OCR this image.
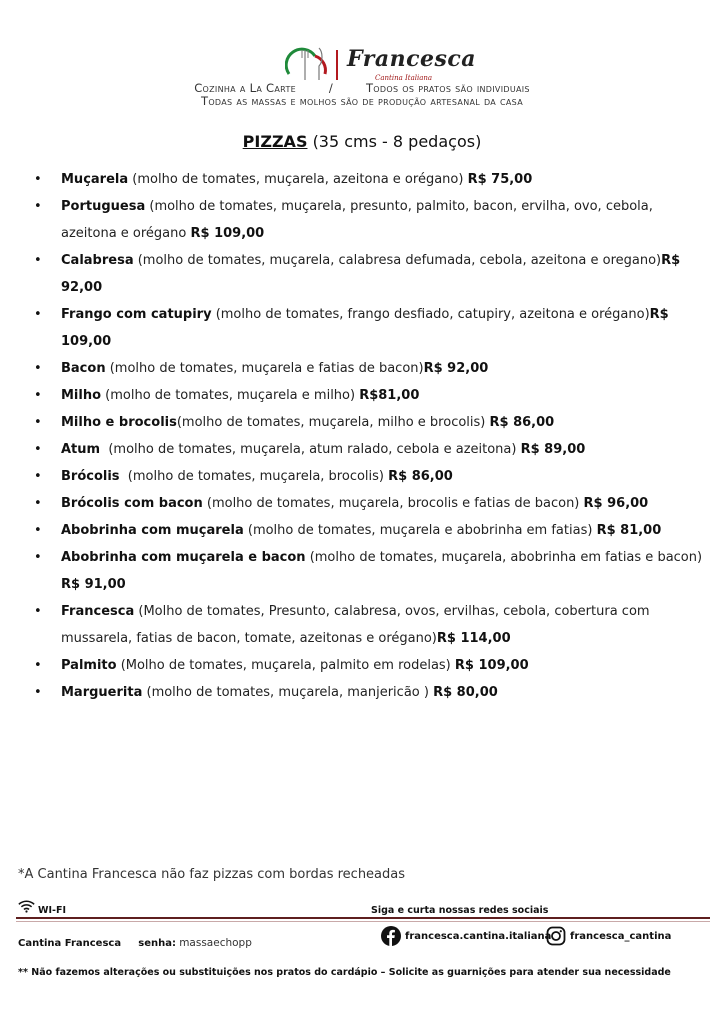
Francesca
Cantina Italiana
Cozinha a La Carte	/	Todos os pratos são individuais
Todas as massas e molhos são de produção artesanal da casa
PIZZAS (35 cms - 8 pedaços)
• Muçarela (molho de tomates, muçarela, azeitona e orégano) R$ 75,00
• Portuguesa (molho de tomates, muçarela, presunto, palmito, bacon, ervilha, ovo, cebola, azeitona e orégano R$ 109,00
• Calabresa (molho de tomates, muçarela, calabresa defumada, cebola, azeitona e oregano)R$ 92,00
• Frango com catupiry (molho de tomates, frango desfiado, catupiry, azeitona e orégano)R$ 109,00
• Bacon (molho de tomates, muçarela e fatias de bacon)R$ 92,00
• Milho (molho de tomates, muçarela e milho) R$81,00
• Milho e brocolis(molho de tomates, muçarela, milho e brocolis) R$ 86,00
• Atum  (molho de tomates, muçarela, atum ralado, cebola e azeitona) R$ 89,00
• Brócolis  (molho de tomates, muçarela, brocolis) R$ 86,00
• Brócolis com bacon (molho de tomates, muçarela, brocolis e fatias de bacon) R$ 96,00
• Abobrinha com muçarela (molho de tomates, muçarela e abobrinha em fatias) R$ 81,00
• Abobrinha com muçarela e bacon (molho de tomates, muçarela, abobrinha em fatias e bacon) R$ 91,00
• Francesca (Molho de tomates, Presunto, calabresa, ovos, ervilhas, cebola, cobertura com mussarela, fatias de bacon, tomate, azeitonas e orégano)R$ 114,00
• Palmito (Molho de tomates, muçarela, palmito em rodelas) R$ 109,00
• Marguerita (molho de tomates, muçarela, manjericão ) R$ 80,00
*A Cantina Francesca não faz pizzas com bordas recheadas
WI-FI	Siga e curta nossas redes sociais
Cantina Francesca senha: massaechopp
francesca.cantina.italiana francesca_cantina
** Não fazemos alterações ou substituições nos pratos do cardápio – Solicite as guarnições para atender sua necessidade
